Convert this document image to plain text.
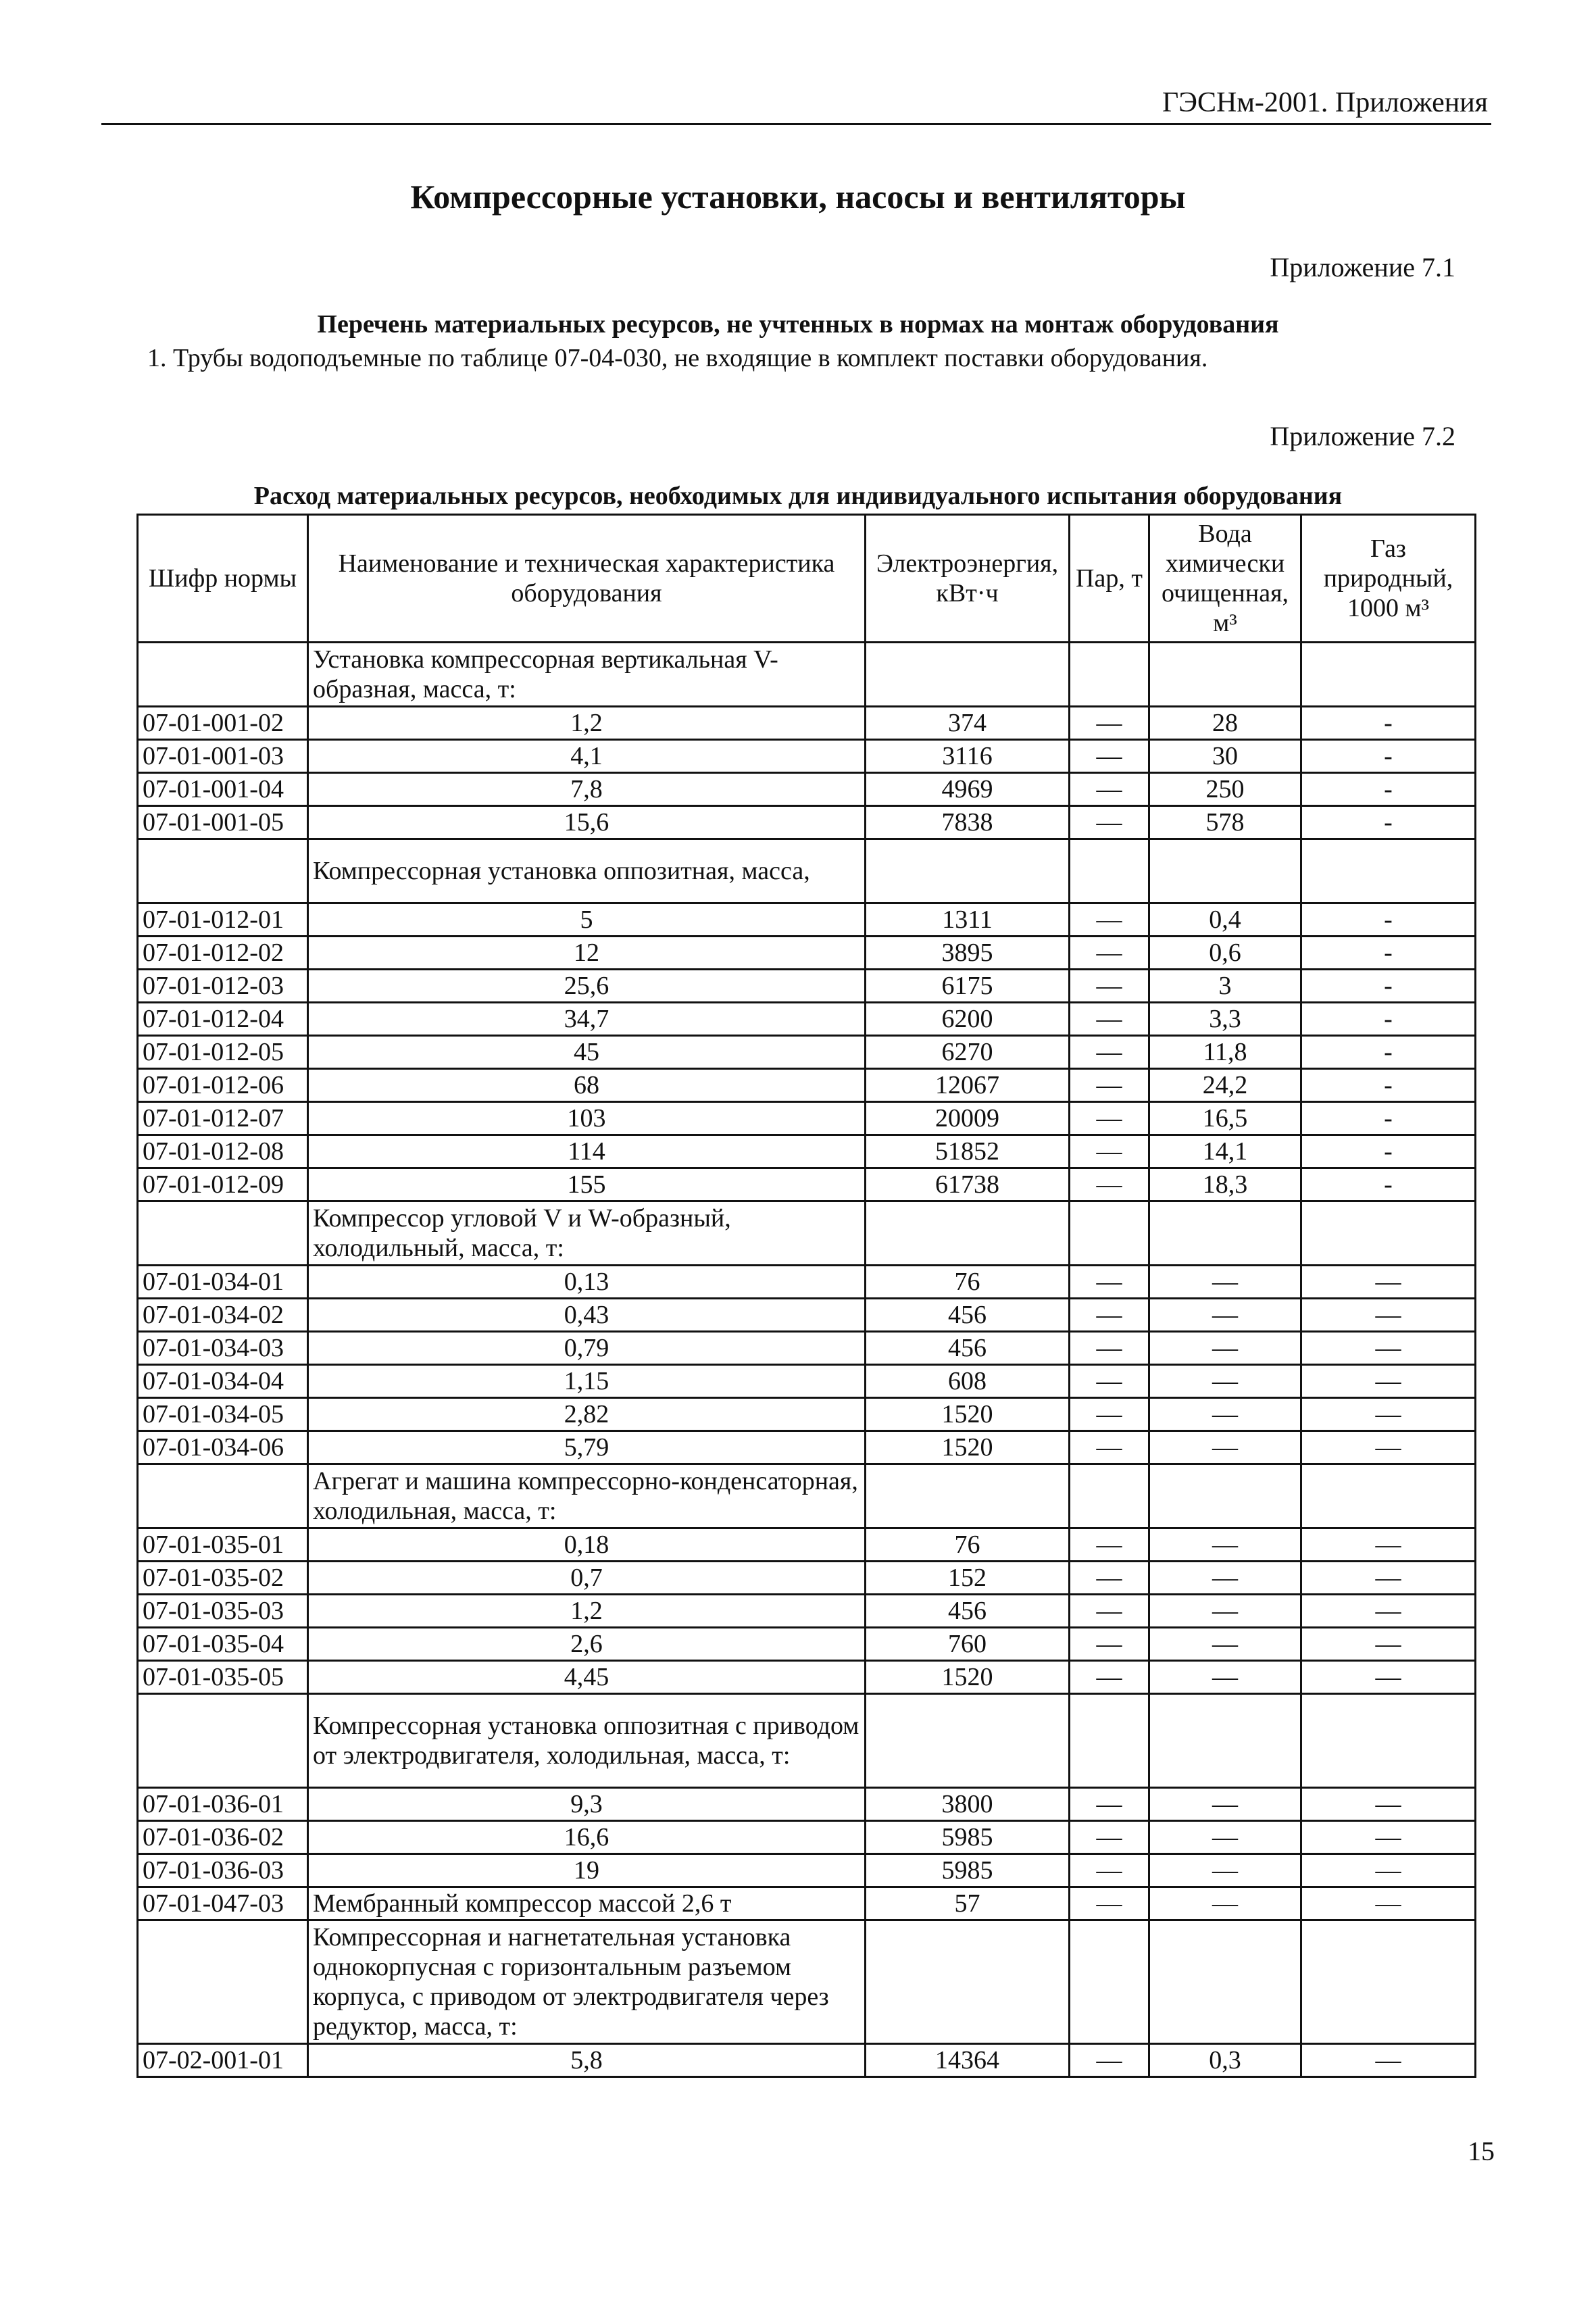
ГЭСНм-2001. Приложения
Компрессорные установки, насосы и вентиляторы
Приложение 7.1
Перечень материальных ресурсов, не учтенных в нормах на монтаж оборудования
1. Трубы водоподъемные по таблице 07-04-030, не входящие в комплект поставки оборудования.
Приложение 7.2
Расход материальных ресурсов, необходимых для индивидуального испытания оборудования
Шифр нормы	Наименование и техническая характеристика оборудования	Электроэнергия, кВт·ч	Пар, т	Вода химически очищенная, м³	Газ природный, 1000 м³
	Установка компрессорная вертикальная V-образная, масса, т:				
07-01-001-02	1,2	374	—	28	-
07-01-001-03	4,1	3116	—	30	-
07-01-001-04	7,8	4969	—	250	-
07-01-001-05	15,6	7838	—	578	-
	Компрессорная установка оппозитная, масса,				
07-01-012-01	5	1311	—	0,4	-
07-01-012-02	12	3895	—	0,6	-
07-01-012-03	25,6	6175	—	3	-
07-01-012-04	34,7	6200	—	3,3	-
07-01-012-05	45	6270	—	11,8	-
07-01-012-06	68	12067	—	24,2	-
07-01-012-07	103	20009	—	16,5	-
07-01-012-08	114	51852	—	14,1	-
07-01-012-09	155	61738	—	18,3	-
	Компрессор угловой V и W-образный, холодильный, масса, т:				
07-01-034-01	0,13	76	—	—	—
07-01-034-02	0,43	456	—	—	—
07-01-034-03	0,79	456	—	—	—
07-01-034-04	1,15	608	—	—	—
07-01-034-05	2,82	1520	—	—	—
07-01-034-06	5,79	1520	—	—	—
	Агрегат и машина компрессорно-конденсаторная, холодильная, масса, т:				
07-01-035-01	0,18	76	—	—	—
07-01-035-02	0,7	152	—	—	—
07-01-035-03	1,2	456	—	—	—
07-01-035-04	2,6	760	—	—	—
07-01-035-05	4,45	1520	—	—	—
	Компрессорная установка оппозитная с приводом от электродвигателя, холодильная, масса, т:				
07-01-036-01	9,3	3800	—	—	—
07-01-036-02	16,6	5985	—	—	—
07-01-036-03	19	5985	—	—	—
07-01-047-03	Мембранный компрессор массой 2,6 т	57	—	—	—
	Компрессорная и нагнетательная установка однокорпусная с горизонтальным разъемом корпуса, с приводом от электродвигателя через редуктор, масса, т:				
07-02-001-01	5,8	14364	—	0,3	—
15
